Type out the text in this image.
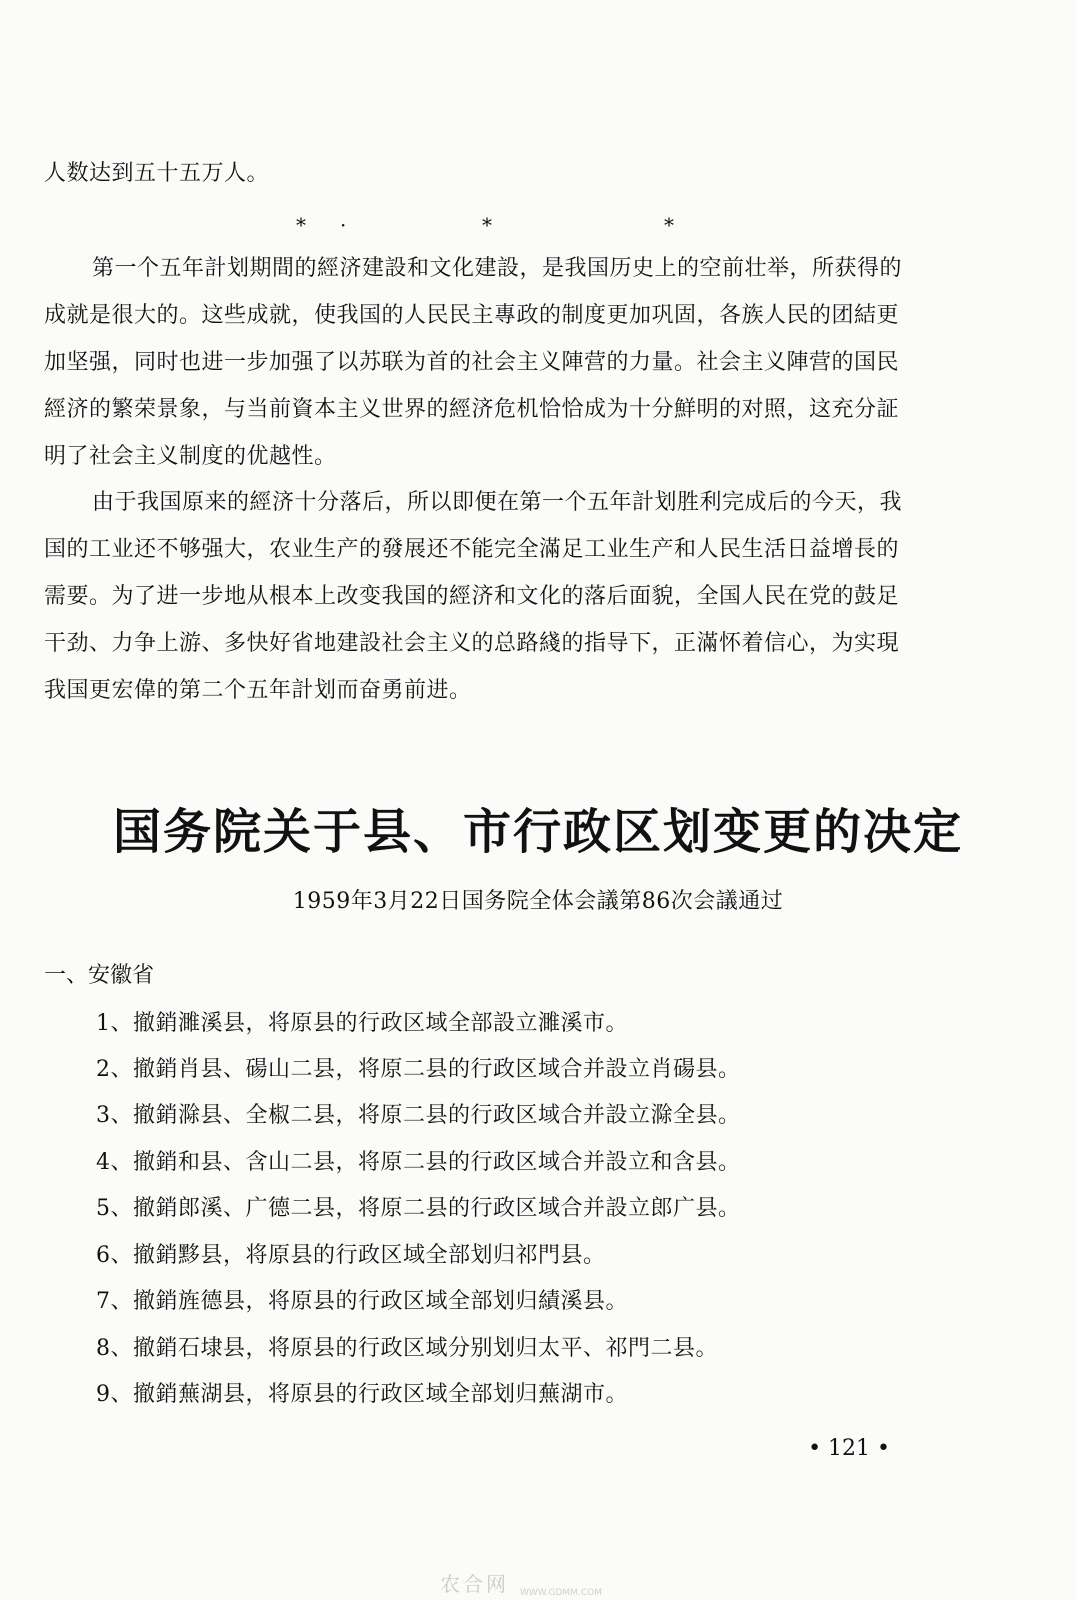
人数达到五十五万人。
* ·	*	*
第一个五年計划期間的經济建設和文化建設，是我国历史上的空前壮举，所获得的
成就是很大的。这些成就，使我国的人民民主專政的制度更加巩固，各族人民的团結更
加坚强，同时也进一步加强了以苏联为首的社会主义陣营的力量。社会主义陣营的国民
經济的繁荣景象，与当前資本主义世界的經济危机恰恰成为十分鮮明的对照，这充分証
明了社会主义制度的优越性。
由于我国原来的經济十分落后，所以即便在第一个五年計划胜利完成后的今天，我
国的工业还不够强大，农业生产的發展还不能完全滿足工业生产和人民生活日益增長的
需要。为了进一步地从根本上改变我国的經济和文化的落后面貌，全国人民在党的鼓足
干劲、力争上游、多快好省地建設社会主义的总路綫的指导下，正滿怀着信心，为实現
我国更宏偉的第二个五年計划而奋勇前进。
国务院关于县、市行政区划变更的决定
1959年3月22日国务院全体会議第86次会議通过
一、安徽省
1、撤銷濉溪县，将原县的行政区域全部設立濉溪市。
2、撤銷肖县、碭山二县，将原二县的行政区域合并設立肖碭县。
3、撤銷滁县、全椒二县，将原二县的行政区域合并設立滁全县。
4、撤銷和县、含山二县，将原二县的行政区域合并設立和含县。
5、撤銷郎溪、广德二县，将原二县的行政区域合并設立郎广县。
6、撤銷黟县，将原县的行政区域全部划归祁門县。
7、撤銷旌德县，将原县的行政区域全部划归績溪县。
8、撤銷石埭县，将原县的行政区域分别划归太平、祁門二县。
9、撤銷蕪湖县，将原县的行政区域全部划归蕪湖市。
• 121 •
农合网 WWW.GDMM.COM
